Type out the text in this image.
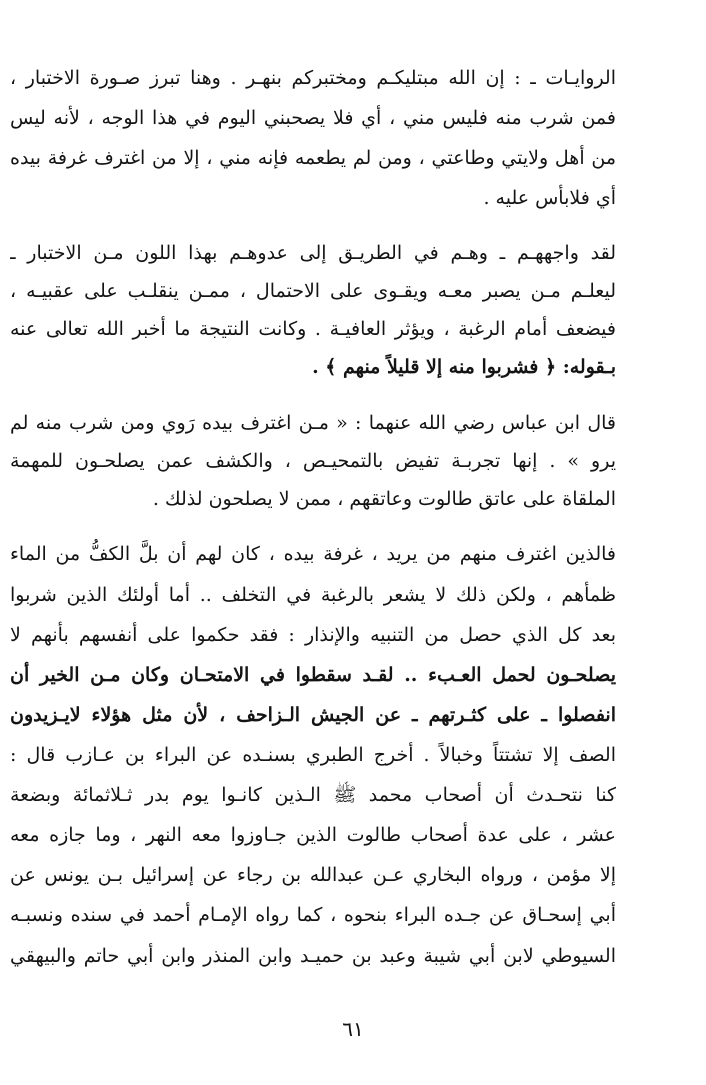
الروايـات ـ : إن الله مبتليكـم ومختبركم بنهـر . وهنا تبرز صـورة الاختبار ،
فمن شرب منه فليس مني ، أي فلا يصحبني اليوم في هذا الوجه ، لأنه ليس
من أهل ولايتي وطاعتي ، ومن لم يطعمه فإنه مني ، إلا من اغترف غرفة بيده
أي فلابأس عليه .
لقد واجههـم ـ وهـم في الطريـق إلى عدوهـم بهذا اللون مـن الاختبار ـ
ليعلـم مـن يصبر معـه ويقـوى على الاحتمال ، ممـن ينقلـب على عقبيـه ،
فيضعف أمام الرغبة ، ويؤثر العافيـة . وكانت النتيجة ما أخبر الله تعالى عنه
بـقوله: ﴿ فشربوا منه إلا قليلاً منهم ﴾ .
قال ابن عباس رضي الله عنهما : « مـن اغترف بيده رَوي ومن شرب منه لم
يرو » . إنها تجربـة تفيض بالتمحيـص ، والكشف عمن يصلحـون للمهمة
الملقاة على عاتق طالوت وعاتقهم ، ممن لا يصلحون لذلك .
فالذين اغترف منهم من يريد ، غرفة بيده ، كان لهم أن بلَّ الكفُّ من الماء
ظمأهم ، ولكن ذلك لا يشعر بالرغبة في التخلف .. أما أولئك الذين شربوا
بعد كل الذي حصل من التنبيه والإنذار : فقد حكموا على أنفسهم بأنهم لا
يصلحـون لحمل العـبء .. لقـد سقطوا في الامتحـان وكان مـن الخير أن
انفصلوا ـ على كثـرتهم ـ عن الجيش الـزاحف ، لأن مثل هؤلاء لايـزيدون
الصف إلا تشتتاً وخبالاً . أخرج الطبري بسنـده عن البراء بن عـازب قال :
كنا نتحـدث أن أصحاب محمد ﷺ الـذين كانـوا يوم بدر ثـلاثمائة وبضعة
عشر ، على عدة أصحاب طالوت الذين جـاوزوا معه النهر ، وما جازه معه
إلا مؤمن ، ورواه البخاري عـن عبدالله بن رجاء عن إسرائيل بـن يونس عن
أبي إسحـاق عن جـده البراء بنحوه ، كما رواه الإمـام أحمد في سنده ونسبـه
السيوطي لابن أبي شيبة وعبد بن حميـد وابن المنذر وابن أبي حاتم والبيهقي
٦١
